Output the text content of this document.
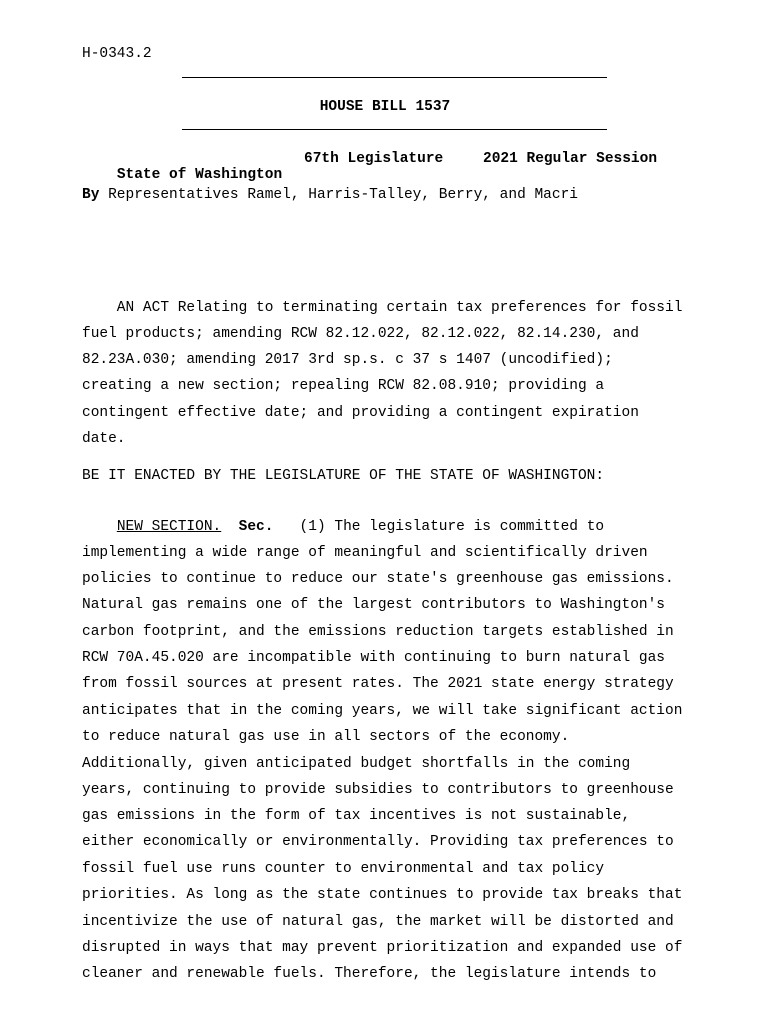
H-0343.2
HOUSE BILL 1537

State of Washington

67th Legislature	2021 Regular Session
By Representatives Ramel, Harris-Talley, Berry, and Macri
AN ACT Relating to terminating certain tax preferences for fossil
fuel products; amending RCW 82.12.022, 82.12.022, 82.14.230, and
82.23A.030; amending 2017 3rd sp.s. c 37 s 1407 (uncodified);
creating a new section; repealing RCW 82.08.910; providing a
contingent effective date; and providing a contingent expiration
date.
BE IT ENACTED BY THE LEGISLATURE OF THE STATE OF WASHINGTON:
NEW SECTION. Sec.   (1) The legislature is committed to
implementing a wide range of meaningful and scientifically driven
policies to continue to reduce our state's greenhouse gas emissions.
Natural gas remains one of the largest contributors to Washington's
carbon footprint, and the emissions reduction targets established in
RCW 70A.45.020 are incompatible with continuing to burn natural gas
from fossil sources at present rates. The 2021 state energy strategy
anticipates that in the coming years, we will take significant action
to reduce natural gas use in all sectors of the economy.
Additionally, given anticipated budget shortfalls in the coming
years, continuing to provide subsidies to contributors to greenhouse
gas emissions in the form of tax incentives is not sustainable,
either economically or environmentally. Providing tax preferences to
fossil fuel use runs counter to environmental and tax policy
priorities. As long as the state continues to provide tax breaks that
incentivize the use of natural gas, the market will be distorted and
disrupted in ways that may prevent prioritization and expanded use of
cleaner and renewable fuels. Therefore, the legislature intends to
